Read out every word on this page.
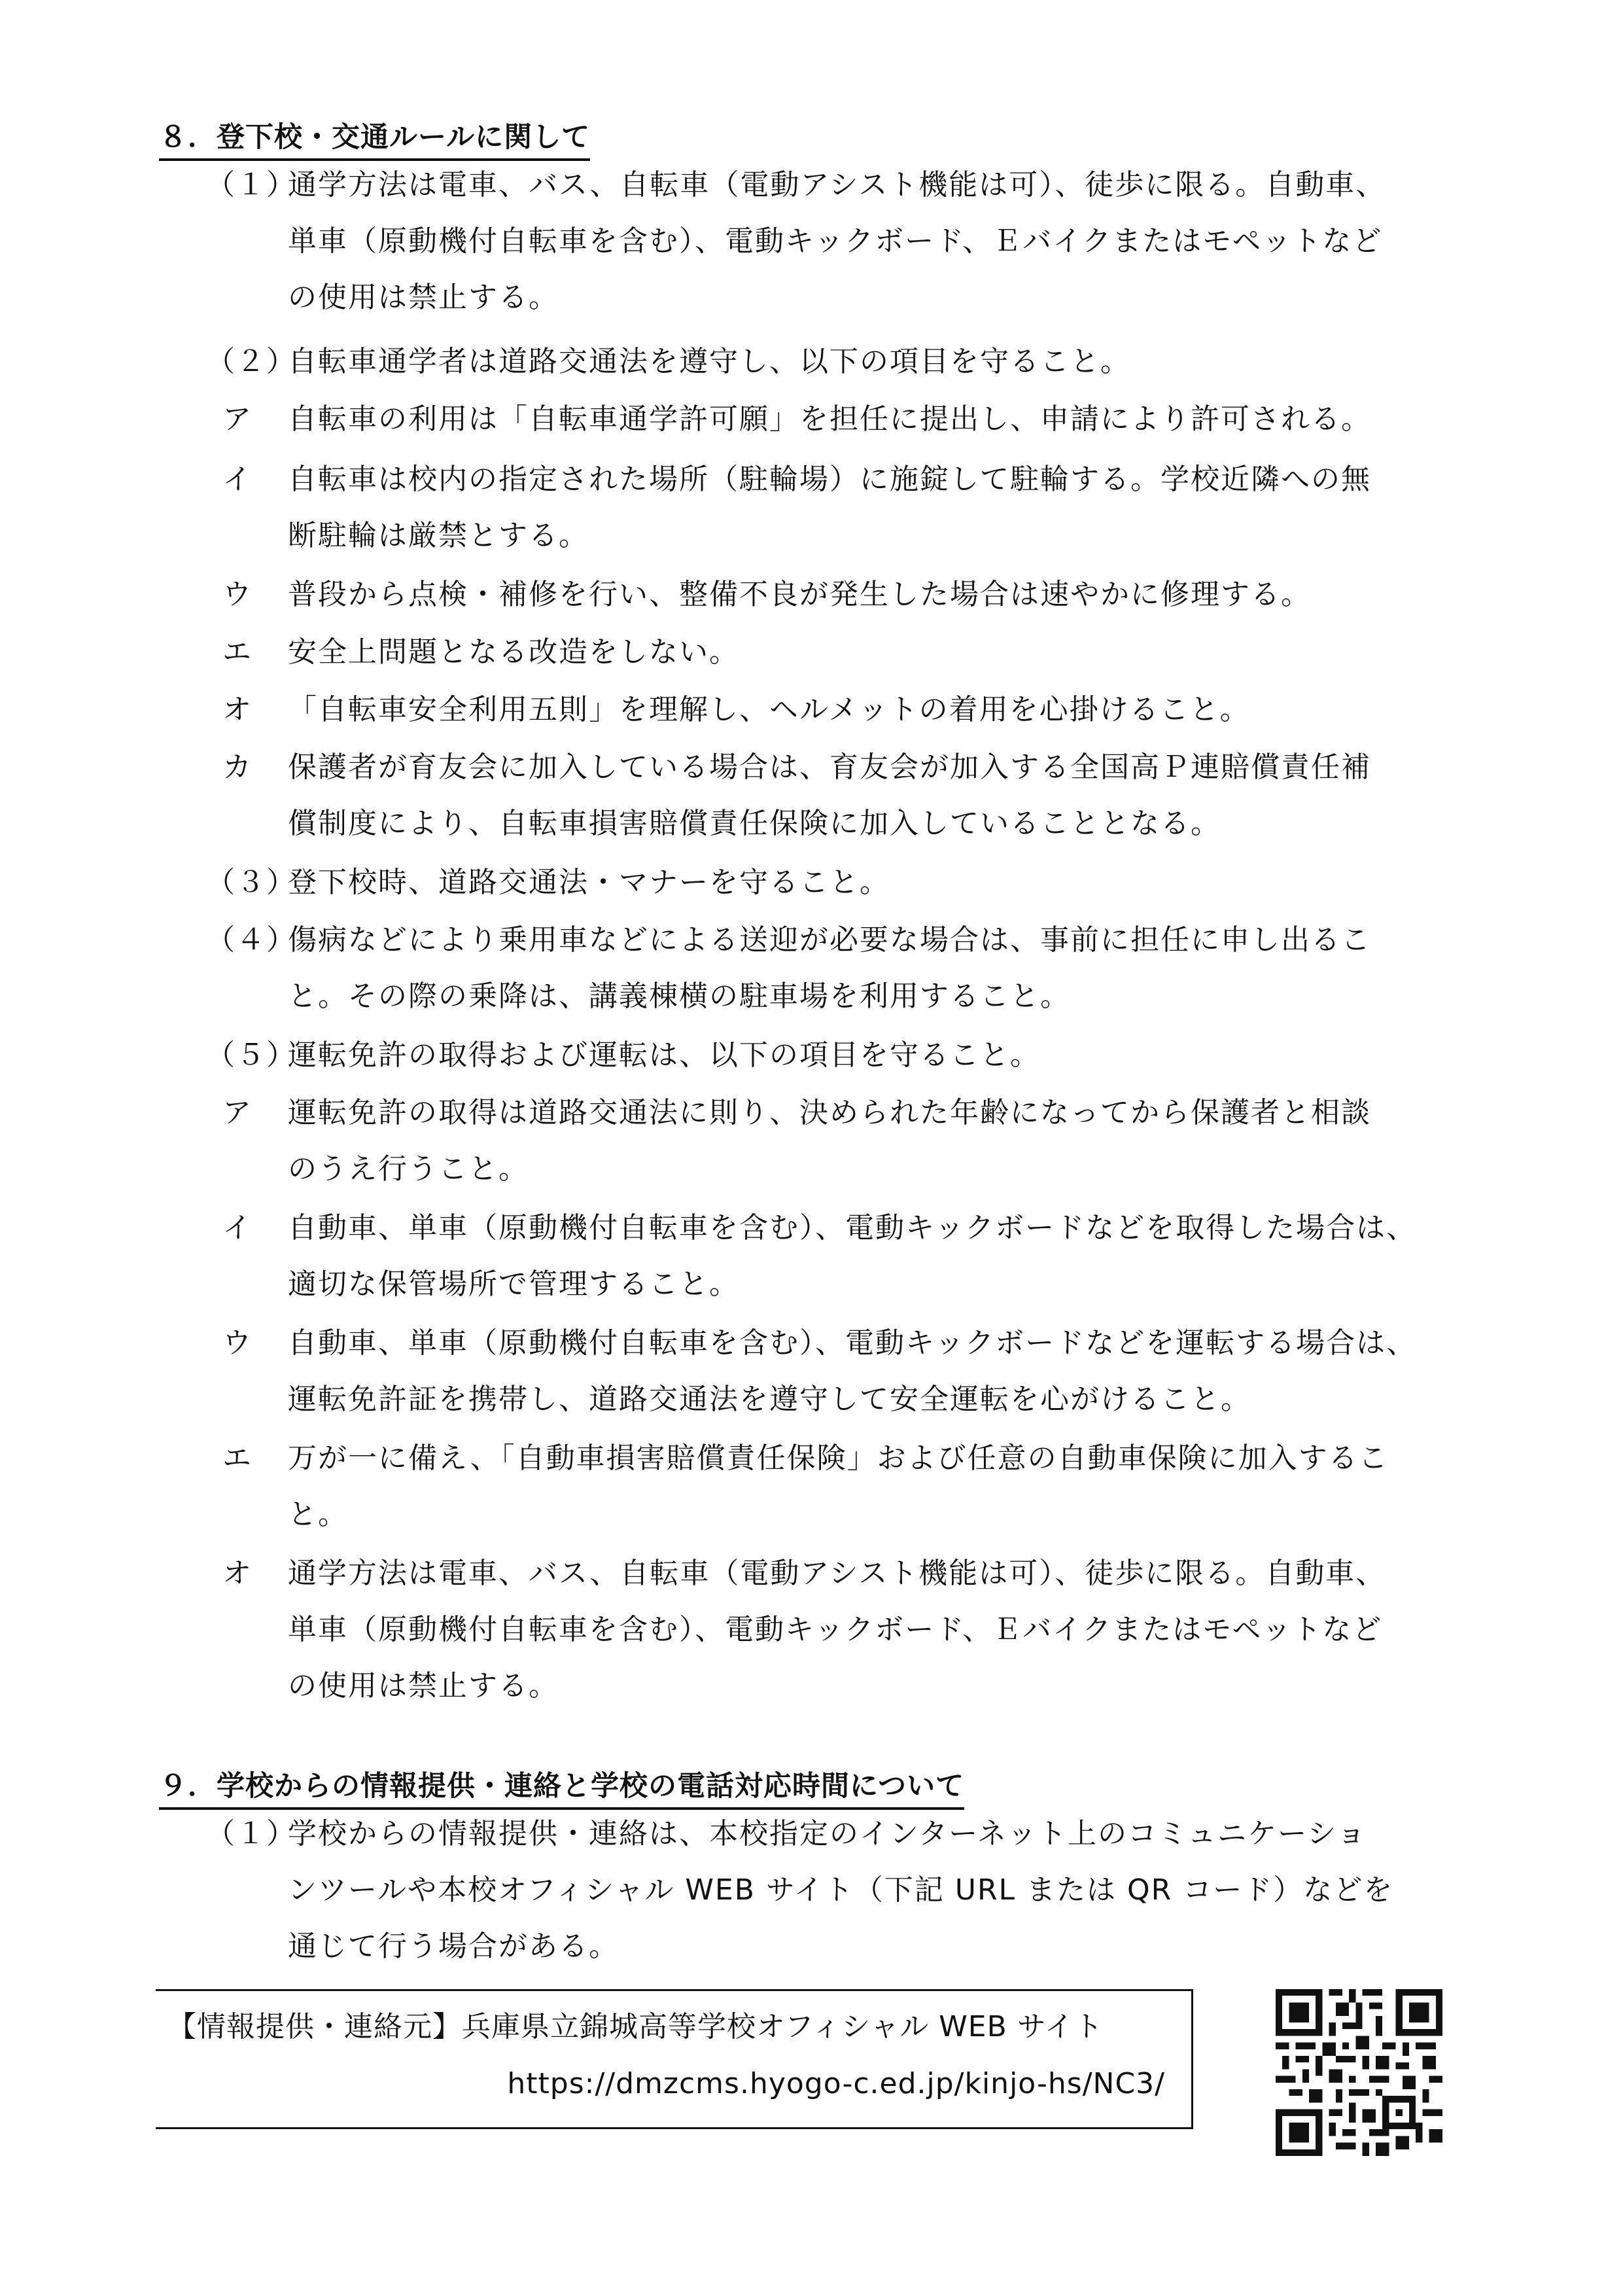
８．登下校・交通ルールに関して
（１）通学方法は電車、バス、自転車（電動アシスト機能は可）、徒歩に限る。自動車、
単車（原動機付自転車を含む）、電動キックボード、Ｅバイクまたはモペットなど
の使用は禁止する。
（２）自転車通学者は道路交通法を遵守し、以下の項目を守ること。
ア 自転車の利用は「自転車通学許可願」を担任に提出し、申請により許可される。
イ 自転車は校内の指定された場所（駐輪場）に施錠して駐輪する。学校近隣への無
断駐輪は厳禁とする。
ウ 普段から点検・補修を行い、整備不良が発生した場合は速やかに修理する。
エ 安全上問題となる改造をしない。
オ 「自転車安全利用五則」を理解し、ヘルメットの着用を心掛けること。
カ 保護者が育友会に加入している場合は、育友会が加入する全国高Ｐ連賠償責任補
償制度により、自転車損害賠償責任保険に加入していることとなる。
（３）登下校時、道路交通法・マナーを守ること。
（４）傷病などにより乗用車などによる送迎が必要な場合は、事前に担任に申し出るこ
と。その際の乗降は、講義棟横の駐車場を利用すること。
（５）運転免許の取得および運転は、以下の項目を守ること。
ア 運転免許の取得は道路交通法に則り、決められた年齢になってから保護者と相談
のうえ行うこと。
イ 自動車、単車（原動機付自転車を含む）、電動キックボードなどを取得した場合は、
適切な保管場所で管理すること。
ウ 自動車、単車（原動機付自転車を含む）、電動キックボードなどを運転する場合は、
運転免許証を携帯し、道路交通法を遵守して安全運転を心がけること。
エ 万が一に備え、「自動車損害賠償責任保険」および任意の自動車保険に加入するこ
と。
オ 通学方法は電車、バス、自転車（電動アシスト機能は可）、徒歩に限る。自動車、
単車（原動機付自転車を含む）、電動キックボード、Ｅバイクまたはモペットなど
の使用は禁止する。
９．学校からの情報提供・連絡と学校の電話対応時間について
（１）学校からの情報提供・連絡は、本校指定のインターネット上のコミュニケーショ
ンツールや本校オフィシャル WEB サイト（下記 URL または QR コード）などを
通じて行う場合がある。
【情報提供・連絡元】兵庫県立錦城高等学校オフィシャル WEB サイト
https://dmzcms.hyogo-c.ed.jp/kinjo-hs/NC3/
